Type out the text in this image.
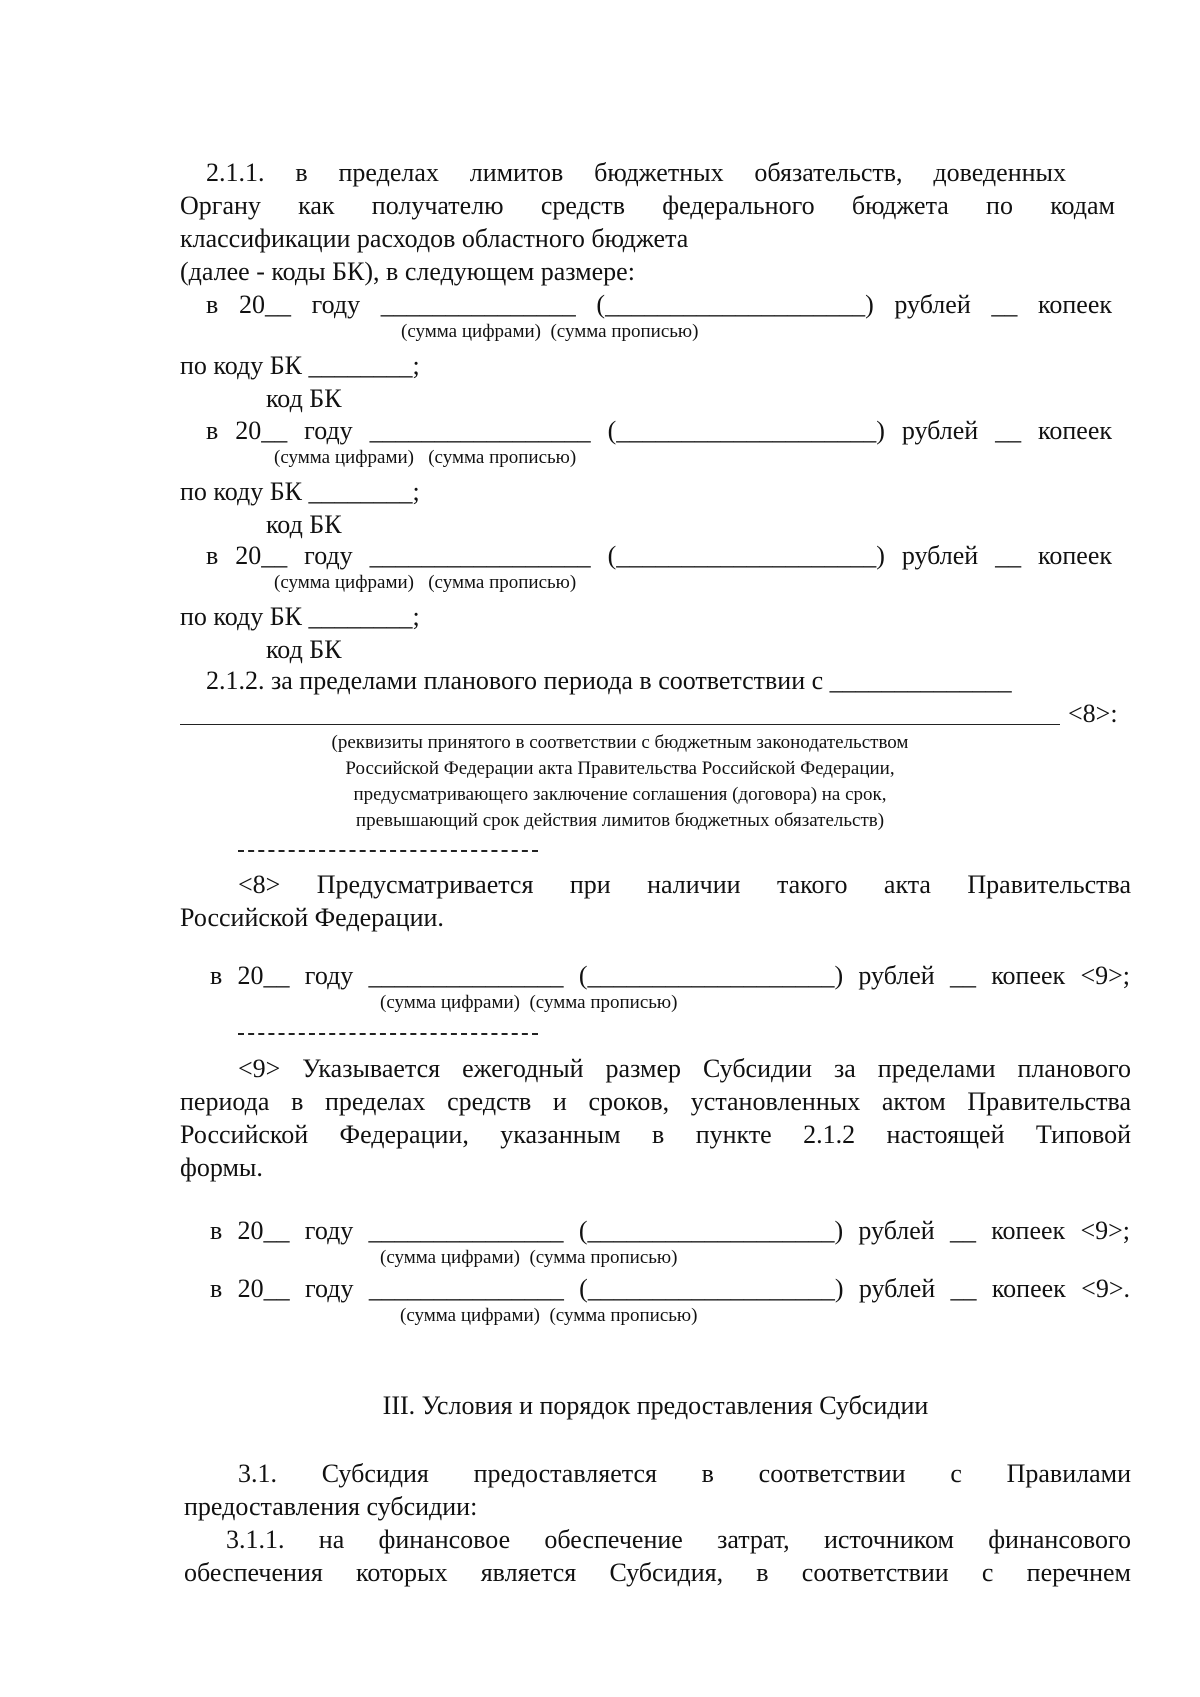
2.1.1. в пределах лимитов бюджетных обязательств, доведенных
Органу как получателю средств федерального бюджета по кодам
классификации расходов областного бюджета
(далее - коды БК), в следующем размере:
в 20__ году _______________ (____________________) рублей __ копеек
(сумма цифрами)  (сумма прописью)
по коду БК ________;
код БК
в 20__ году _________________ (____________________) рублей __ копеек
(сумма цифрами)   (сумма прописью)
по коду БК ________;
код БК
в 20__ году _________________ (____________________) рублей __ копеек
(сумма цифрами)   (сумма прописью)
по коду БК ________;
код БК
2.1.2. за пределами планового периода в соответствии с ______________
<8>:
(реквизиты принятого в соответствии с бюджетным законодательством
Российской Федерации акта Правительства Российской Федерации,
предусматривающего заключение соглашения (договора) на срок,
превышающий срок действия лимитов бюджетных обязательств)
<8> Предусматривается при наличии такого акта Правительства
Российской Федерации.
в 20__ году _______________ (___________________) рублей __ копеек <9>;
(сумма цифрами)  (сумма прописью)
<9> Указывается ежегодный размер Субсидии за пределами планового
периода в пределах средств и сроков, установленных актом Правительства
Российской Федерации, указанным в пункте 2.1.2 настоящей Типовой
формы.
в 20__ году _______________ (___________________) рублей __ копеек <9>;
(сумма цифрами)  (сумма прописью)
в 20__ году _______________ (___________________) рублей __ копеек <9>.
(сумма цифрами)  (сумма прописью)
III. Условия и порядок предоставления Субсидии
3.1. Субсидия предоставляется в соответствии с Правилами
предоставления субсидии:
3.1.1. на финансовое обеспечение затрат, источником финансового
обеспечения которых является Субсидия, в соответствии с перечнем
